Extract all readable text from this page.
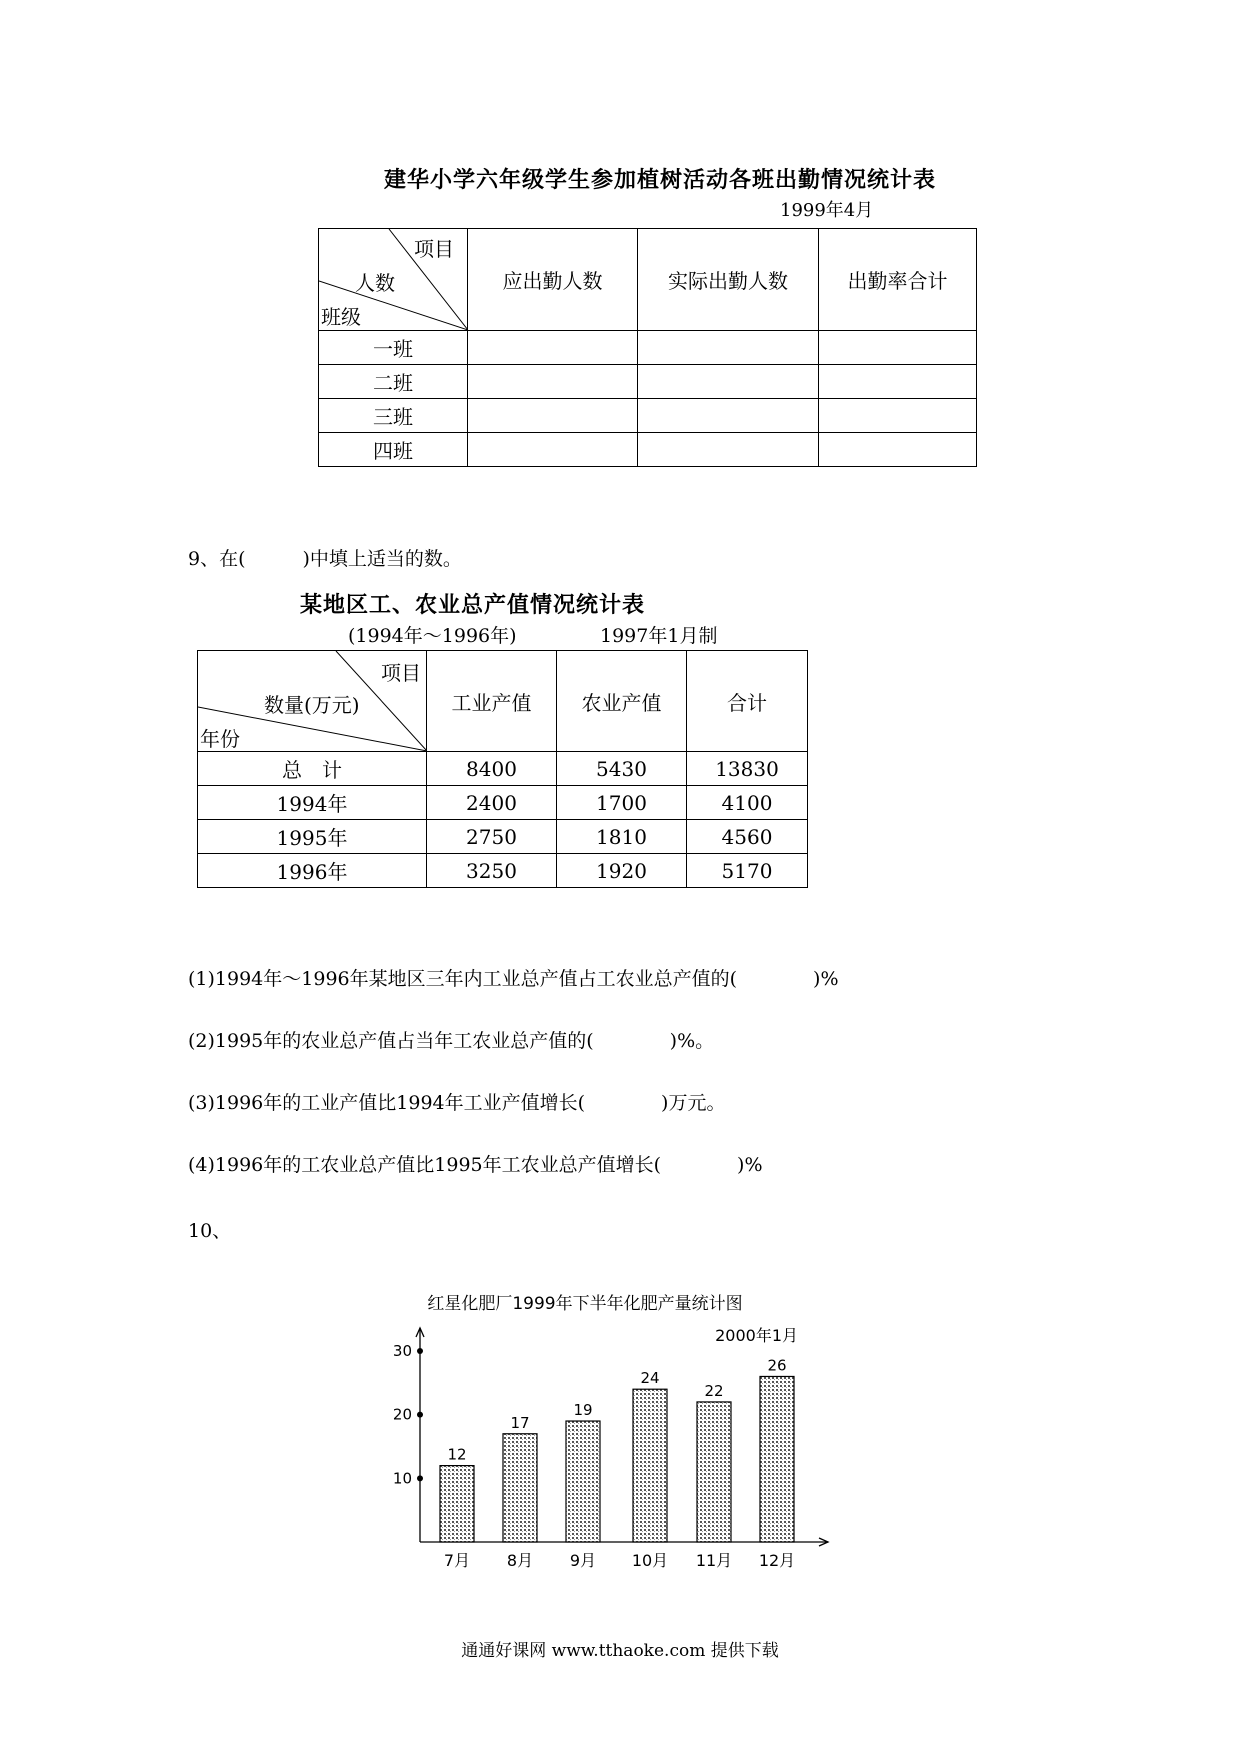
建华小学六年级学生参加植树活动各班出勤情况统计表
1999年4月
项目
人数
班级	应出勤人数	实际出勤人数	出勤率合计
一班			
二班			
三班			
四班			
9、在(　　　)中填上适当的数。
某地区工、农业总产值情况统计表
(1994年～1996年)	1997年1月制
项目
数量(万元)
年份	工业产值	农业产值	合计
总　计	8400	5430	13830
1994年	2400	1700	4100
1995年	2750	1810	4560
1996年	3250	1920	5170
(1)1994年～1996年某地区三年内工业总产值占工农业总产值的(　　　　)%
(2)1995年的农业总产值占当年工农业总产值的(　　　　)%。
(3)1996年的工业产值比1994年工业产值增长(　　　　)万元。
(4)1996年的工农业总产值比1995年工农业总产值增长(　　　　)%
10、
红星化肥厂1999年下半年化肥产量统计图
2000年1月
10
20
30
12
7月
17
8月
19
9月
24
10月
22
11月
26
12月
通通好课网 www.tthaoke.com 提供下载
